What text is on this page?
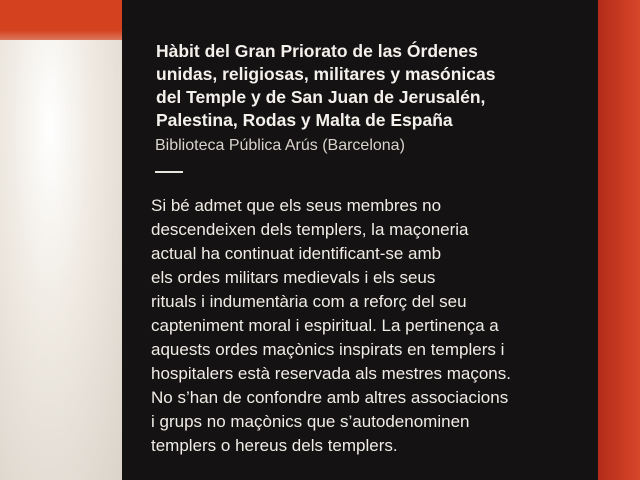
Hàbit del Gran Priorato de las Órdenes
unidas, religiosas, militares y masónicas
del Temple y de San Juan de Jerusalén,
Palestina, Rodas y Malta de España
Biblioteca Pública Arús (Barcelona)
Si bé admet que els seus membres no
descendeixen dels templers, la maçoneria
actual ha continuat identificant-se amb
els ordes militars medievals i els seus
rituals i indumentària com a reforç del seu
capteniment moral i espiritual. La pertinença a
aquests ordes maçònics inspirats en templers i
hospitalers està reservada als mestres maçons.
No s’han de confondre amb altres associacions
i grups no maçònics que s’autodenominen
templers o hereus dels templers.
